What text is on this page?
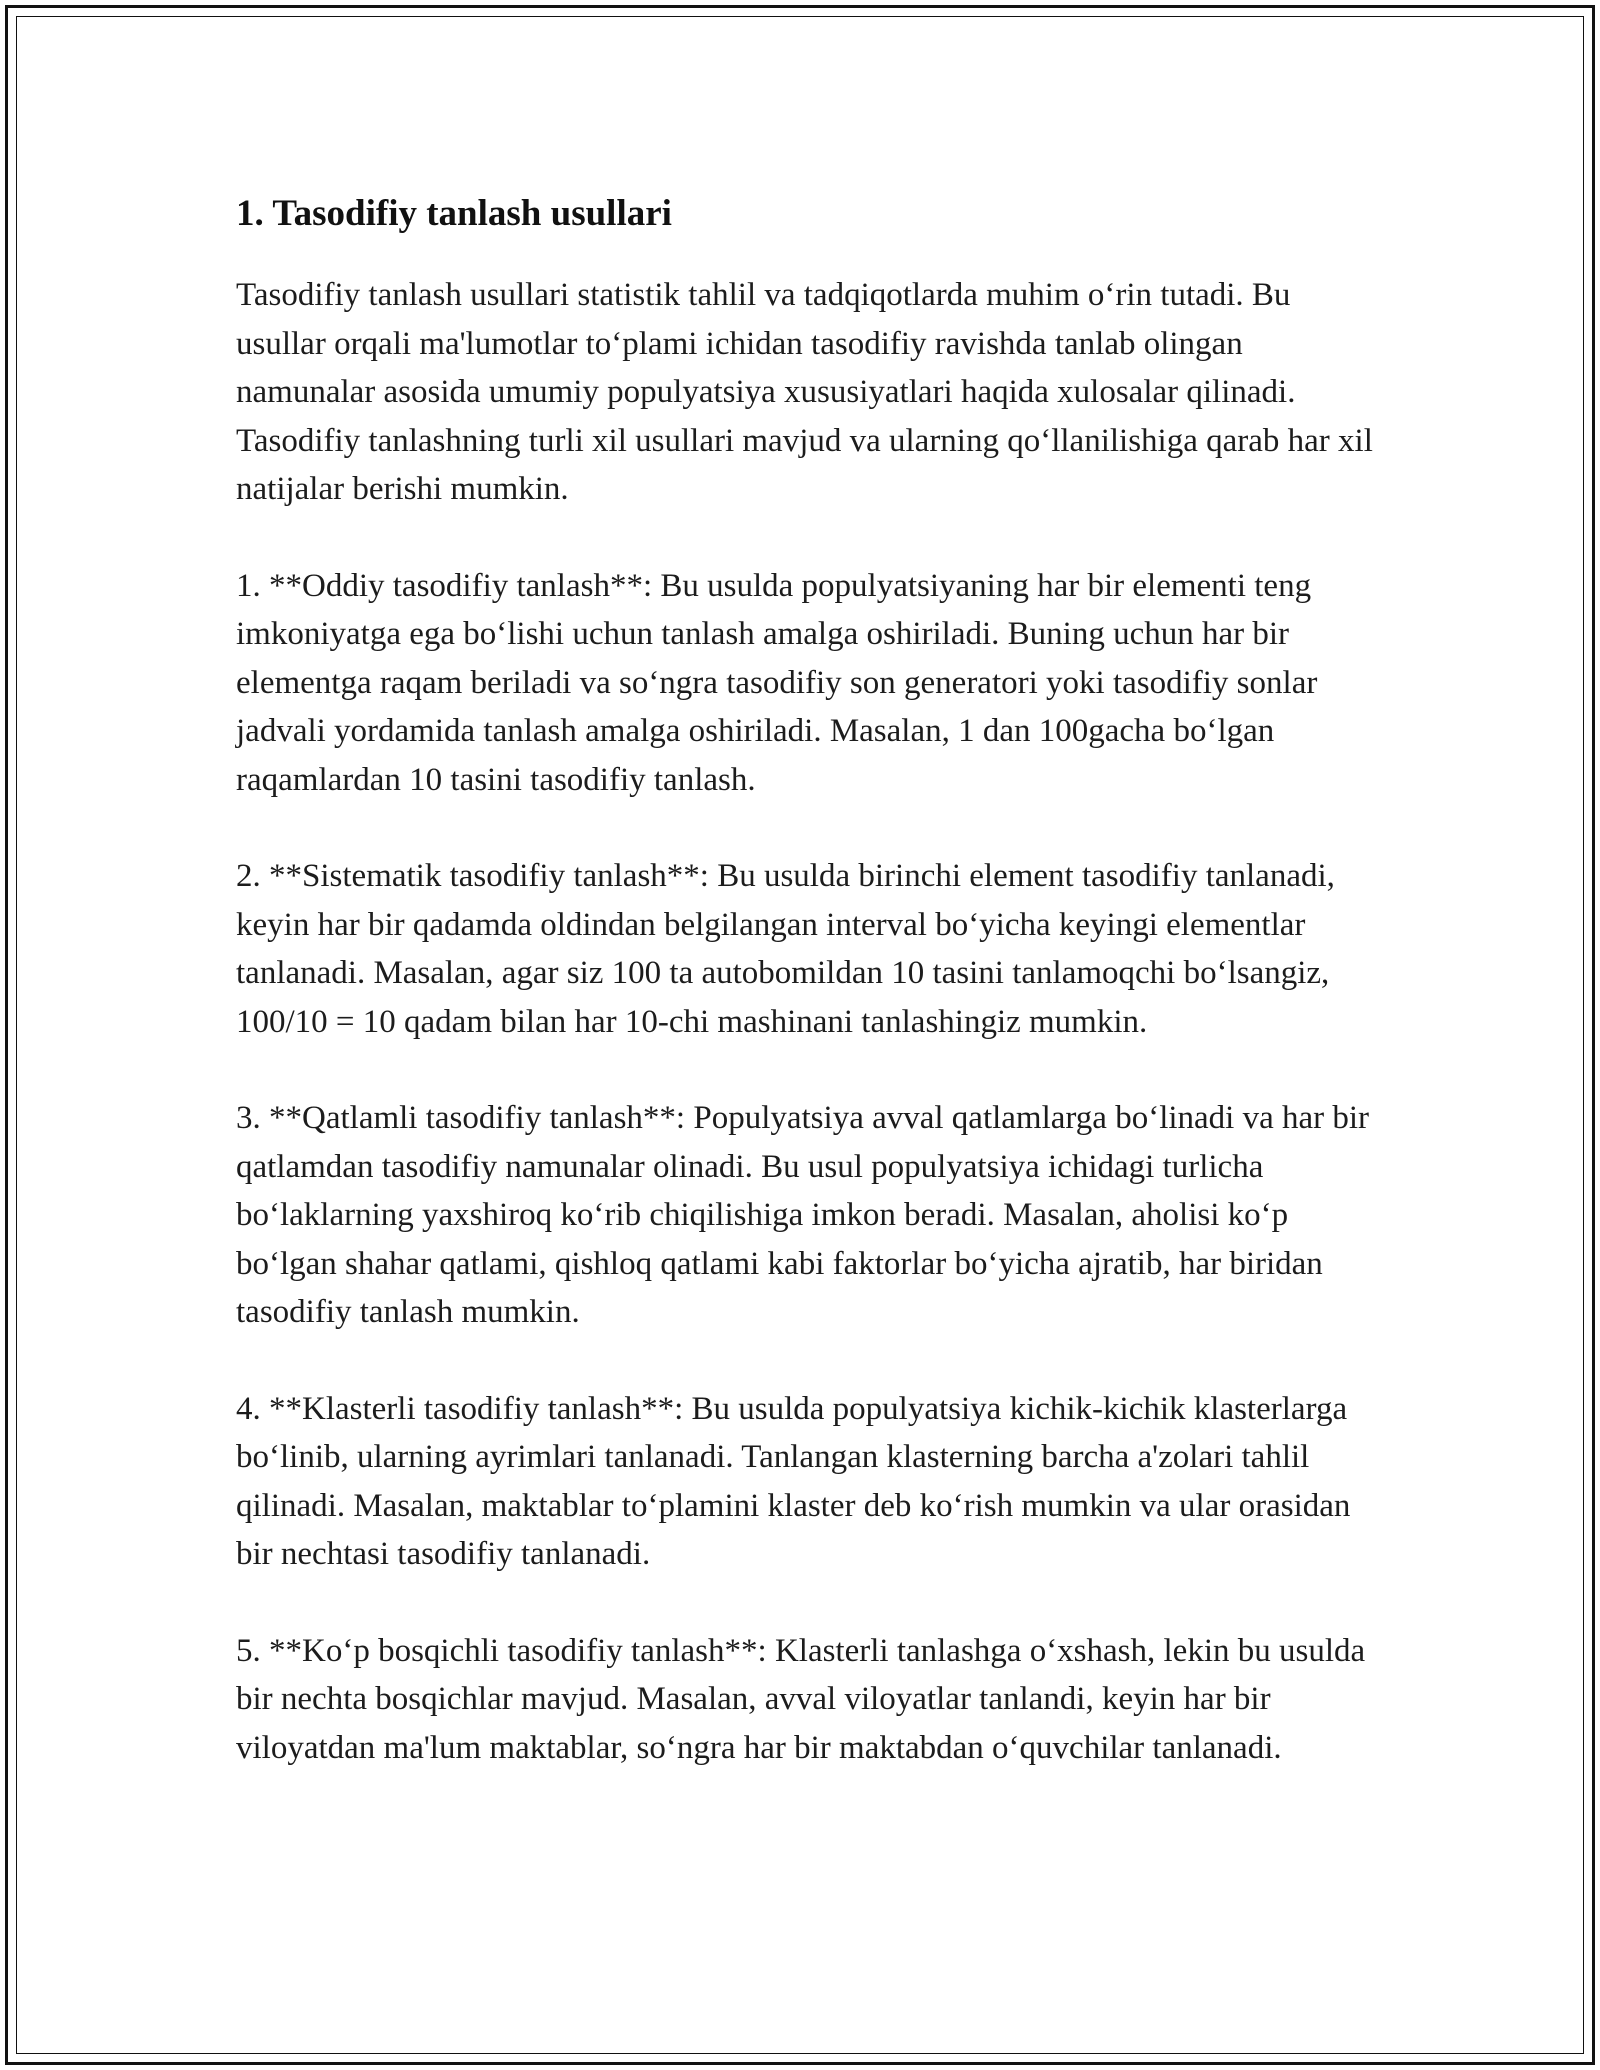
1. Tasodifiy tanlash usullari

Tasodifiy tanlash usullari statistik tahlil va tadqiqotlarda muhim o‘rin tutadi. Bu usullar orqali ma'lumotlar to‘plami ichidan tasodifiy ravishda tanlab olingan namunalar asosida umumiy populyatsiya xususiyatlari haqida xulosalar qilinadi. Tasodifiy tanlashning turli xil usullari mavjud va ularning qo‘llanilishiga qarab har xil natijalar berishi mumkin.

1. **Oddiy tasodifiy tanlash**: Bu usulda populyatsiyaning har bir elementi teng imkoniyatga ega bo‘lishi uchun tanlash amalga oshiriladi. Buning uchun har bir elementga raqam beriladi va so‘ngra tasodifiy son generatori yoki tasodifiy sonlar jadvali yordamida tanlash amalga oshiriladi. Masalan, 1 dan 100gacha bo‘lgan raqamlardan 10 tasini tasodifiy tanlash.

2. **Sistematik tasodifiy tanlash**: Bu usulda birinchi element tasodifiy tanlanadi, keyin har bir qadamda oldindan belgilangan interval bo‘yicha keyingi elementlar tanlanadi. Masalan, agar siz 100 ta autobomildan 10 tasini tanlamoqchi bo‘lsangiz, 100/10 = 10 qadam bilan har 10-chi mashinani tanlashingiz mumkin.

3. **Qatlamli tasodifiy tanlash**: Populyatsiya avval qatlamlarga bo‘linadi va har bir qatlamdan tasodifiy namunalar olinadi. Bu usul populyatsiya ichidagi turlicha bo‘laklarning yaxshiroq ko‘rib chiqilishiga imkon beradi. Masalan, aholisi ko‘p bo‘lgan shahar qatlami, qishloq qatlami kabi faktorlar bo‘yicha ajratib, har biridan tasodifiy tanlash mumkin.

4. **Klasterli tasodifiy tanlash**: Bu usulda populyatsiya kichik-kichik klasterlarga bo‘linib, ularning ayrimlari tanlanadi. Tanlangan klasterning barcha a'zolari tahlil qilinadi. Masalan, maktablar to‘plamini klaster deb ko‘rish mumkin va ular orasidan bir nechtasi tasodifiy tanlanadi.

5. **Ko‘p bosqichli tasodifiy tanlash**: Klasterli tanlashga o‘xshash, lekin bu usulda bir nechta bosqichlar mavjud. Masalan, avval viloyatlar tanlandi, keyin har bir viloyatdan ma'lum maktablar, so‘ngra har bir maktabdan o‘quvchilar tanlanadi.
